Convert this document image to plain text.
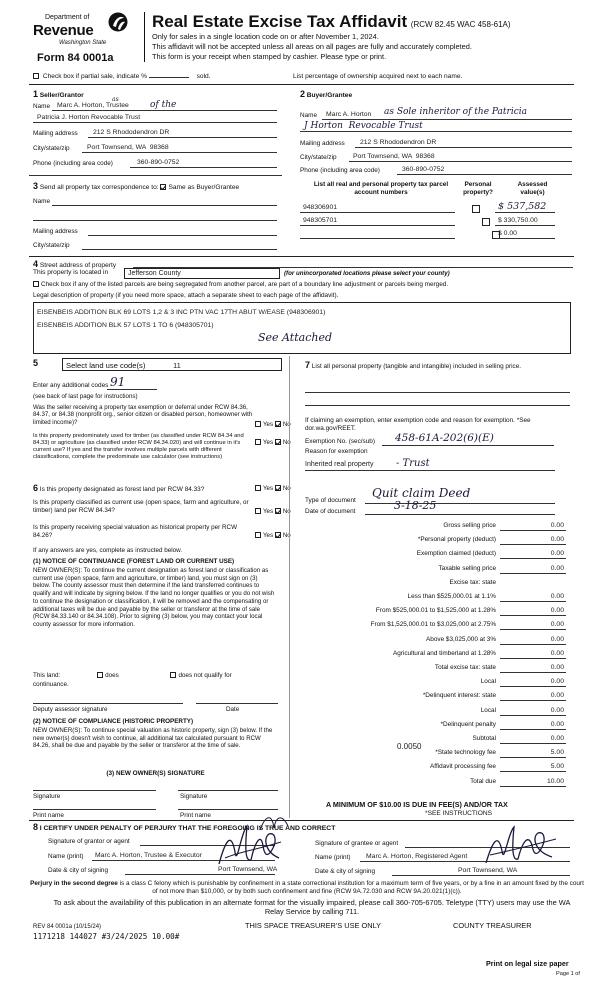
Department of
Revenue
Washington State
Form 84 0001a
Real Estate Excise Tax Affidavit (RCW 82.45 WAC 458-61A)
Only for sales in a single location code on or after November 1, 2024.
This affidavit will not be accepted unless all areas on all pages are fully and accurately completed.
This form is your receipt when stamped by cashier. Please type or print.
Check box if partial sale, indicate %	sold.	List percentage of ownership acquired next to each name.
1 Seller/Grantor
Name Marc A. Horton, Trustee
as
of the
Patricia J. Horton Revocable Trust
Mailing address 212 S Rhododendron DR
City/state/zip	Port Townsend, WA  98368
Phone (including area code)	360-890-0752
2 Buyer/Grantee
Name Marc A. Horton as Sole inheritor of the Patricia
J Horton  Revocable Trust
Mailing address 212 S Rhododendron DR
City/state/zip Port Townsend, WA  98368
Phone (including area code)	360-890-0752
3 Send all property tax correspondence to: Same as Buyer/Grantee
Name
Mailing address
City/state/zip
List all real and personal property tax parcel account numbers
Personal property?
Assessed value(s)
948306901	$ 537,582
948305701	$ 330,750.00
$ 0.00
4 Street address of property
This property is located in	Jefferson County	(for unincorporated locations please select your county)
Check box if any of the listed parcels are being segregated from another parcel, are part of a boundary line adjustment or parcels being merged.
Legal description of property (if you need more space, attach a separate sheet to each page of the affidavit).
EISENBEIS ADDITION BLK 69 LOTS 1,2 & 3 INC PTN VAC 17TH ABUT W/EASE (948306901)
EISENBEIS ADDITION BLK 57 LOTS 1 TO 6 (948305701)
See Attached
5	Select land use code(s)	11
Enter any additional codes 91
(see back of last page for instructions)
Was the seller receiving a property tax exemption or deferral under RCW 84.36, 84.37, or 84.38 (nonprofit org., senior citizen or disabled person, homeowner with limited income)?	Yes No
Is this property predominately used for timber (as classified under RCW 84.34 and 84.33) or agriculture (as classified under RCW 84.34.020) and will continue in it's current use? If yes and the transfer involves multiple parcels with different classifications, complete the predominate use calculator (see instructions)
Yes No
6 Is this property designated as forest land per RCW 84.33?	Yes No
Is this property classified as current use (open space, farm and agriculture, or timber) land per RCW 84.34?	Yes No
Is this property receiving special valuation as historical property per RCW 84.26?	Yes No
If any answers are yes, complete as instructed below.
(1) NOTICE OF CONTINUANCE (FOREST LAND OR CURRENT USE)
NEW OWNER(S): To continue the current designation as forest land or classification as current use (open space, farm and agriculture, or timber) land, you must sign on (3) below. The county assessor must then determine if the land transferred continues to qualify and will indicate by signing below. If the land no longer qualifies or you do not wish to continue the designation or classification, it will be removed and the compensating or additional taxes will be due and payable by the seller or transferor at the time of sale (RCW 84.33.140 or 84.34.108). Prior to signing (3) below, you may contact your local county assessor for more information.
This land:	does	does not qualify for
continuance.
Deputy assessor signature	Date
(2) NOTICE OF COMPLIANCE (HISTORIC PROPERTY)
NEW OWNER(S): To continue special valuation as historic property, sign (3) below. If the new owner(s) doesn't wish to continue, all additional tax calculated pursuant to RCW 84.26, shall be due and payable by the seller or transferor at the time of sale.
(3) NEW OWNER(S) SIGNATURE
Signature	Signature
Print name	Print name
7 List all personal property (tangible and intangible) included in selling price.
If claiming an exemption, enter exemption code and reason for exemption. *See dor.wa.gov/REET.
Exemption No. (sec/sub) 458-61A-202(6)(E)
Reason for exemption
Inherited real property - Trust
Type of document
Quit claim Deed
Date of document	3-18-25
Gross selling price	0.00
*Personal property (deduct)	0.00
Exemption claimed (deduct)	0.00
Taxable selling price	0.00
Excise tax: state
Less than $525,000.01 at 1.1%	0.00
From $525,000.01 to $1,525,000 at 1.28%	0.00
From $1,525,000.01 to $3,025,000 at 2.75%	0.00
Above $3,025,000 at 3%	0.00
Agricultural and timberland at 1.28%	0.00
Total excise tax: state	0.00
Local	0.00
*Delinquent interest: state	0.00
Local	0.00
*Delinquent penalty	0.00
Subtotal	0.00
*State technology fee	5.00
Affidavit processing fee	5.00
Total due	10.00
0.0050
A MINIMUM OF $10.00 IS DUE IN FEE(S) AND/OR TAX
*SEE INSTRUCTIONS
8 I CERTIFY UNDER PENALTY OF PERJURY THAT THE FOREGOING IS TRUE AND CORRECT
Signature of grantor or agent
Name (print) Marc A. Horton, Trustee & Executor
Date & city of signing	Port Townsend, WA
Signature of grantee or agent
Name (print) Marc A. Horton, Registered Agent
Date & city of signing	Port Townsend, WA
Perjury in the second degree is a class C felony which is punishable by confinement in a state correctional institution for a maximum term of five years, or by a fine in an amount fixed by the court of not more than $10,000, or by both such confinement and fine (RCW 9A.72.030 and RCW 9A.20.021(1)(c)).
To ask about the availability of this publication in an alternate format for the visually impaired, please call 360-705-6705. Teletype (TTY) users may use the WA Relay Service by calling 711.
REV 84 0001a (10/15/24)
1171218 144027 #3/24/2025 10.00#
THIS SPACE TREASURER'S USE ONLY	COUNTY TREASURER
Print on legal size paper
Page 1 of
